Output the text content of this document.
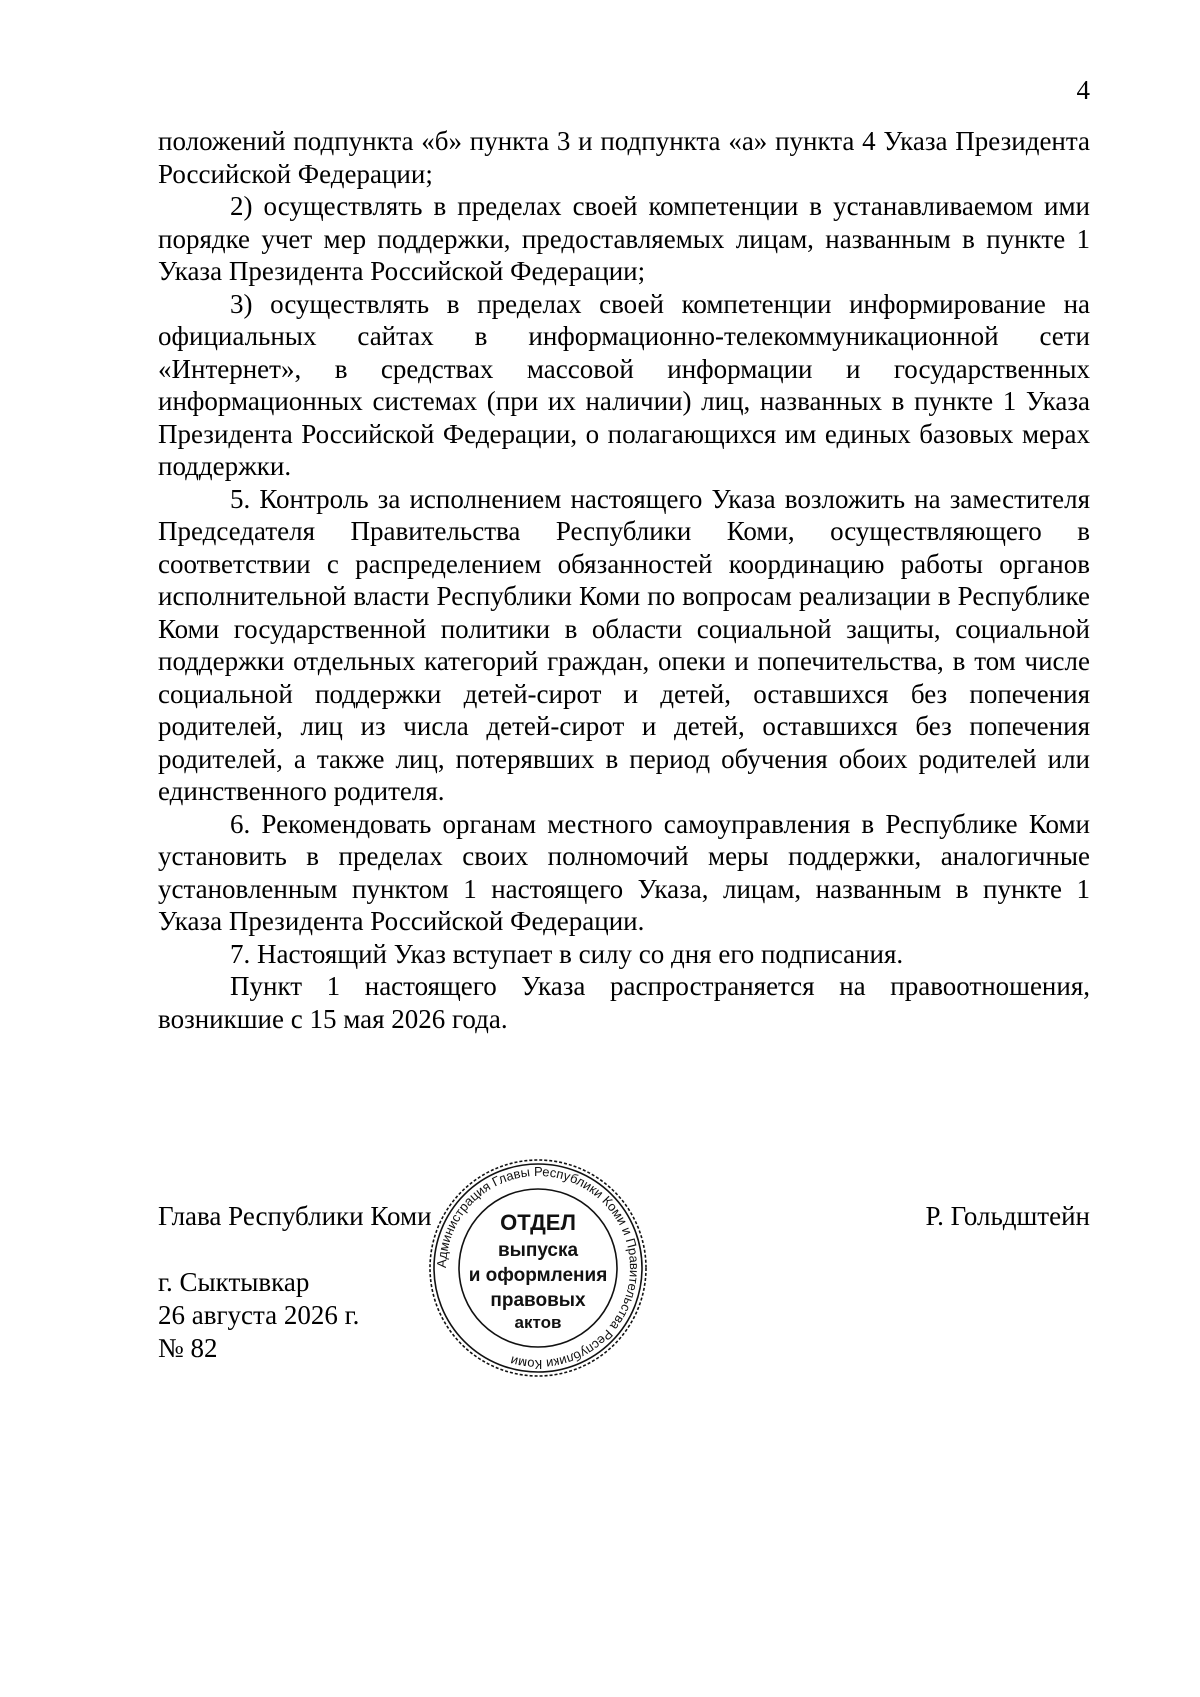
4

положений подпункта «б» пункта 3 и подпункта «а» пункта 4 Указа Президента Российской Федерации;

2) осуществлять в пределах своей компетенции в устанавливаемом ими порядке учет мер поддержки, предоставляемых лицам, названным в пункте 1 Указа Президента Российской Федерации;

3) осуществлять в пределах своей компетенции информирование на официальных сайтах в информационно-телекоммуникационной сети «Интернет», в средствах массовой информации и государственных информационных системах (при их наличии) лиц, названных в пункте 1 Указа Президента Российской Федерации, о полагающихся им единых базовых мерах поддержки.

5. Контроль за исполнением настоящего Указа возложить на заместителя Председателя Правительства Республики Коми, осуществляющего в соответствии с распределением обязанностей координацию работы органов исполнительной власти Республики Коми по вопросам реализации в Республике Коми государственной политики в области социальной защиты, социальной поддержки отдельных категорий граждан, опеки и попечительства, в том числе социальной поддержки детей-сирот и детей, оставшихся без попечения родителей, лиц из числа детей-сирот и детей, оставшихся без попечения родителей, а также лиц, потерявших в период обучения обоих родителей или единственного родителя.

6. Рекомендовать органам местного самоуправления в Республике Коми установить в пределах своих полномочий меры поддержки, аналогичные установленным пунктом 1 настоящего Указа, лицам, названным в пункте 1 Указа Президента Российской Федерации.

7. Настоящий Указ вступает в силу со дня его подписания.

Пункт 1 настоящего Указа распространяется на правоотношения, возникшие с 15 мая 2026 года.

Глава Республики Коми	Р. Гольдштейн
г. Сыктывкар
26 августа 2026 г.
№ 82
Администрация Главы Республики Коми и Правительства Республики Коми
ОТДЕЛ
выпуска
и оформления
правовых
актов
